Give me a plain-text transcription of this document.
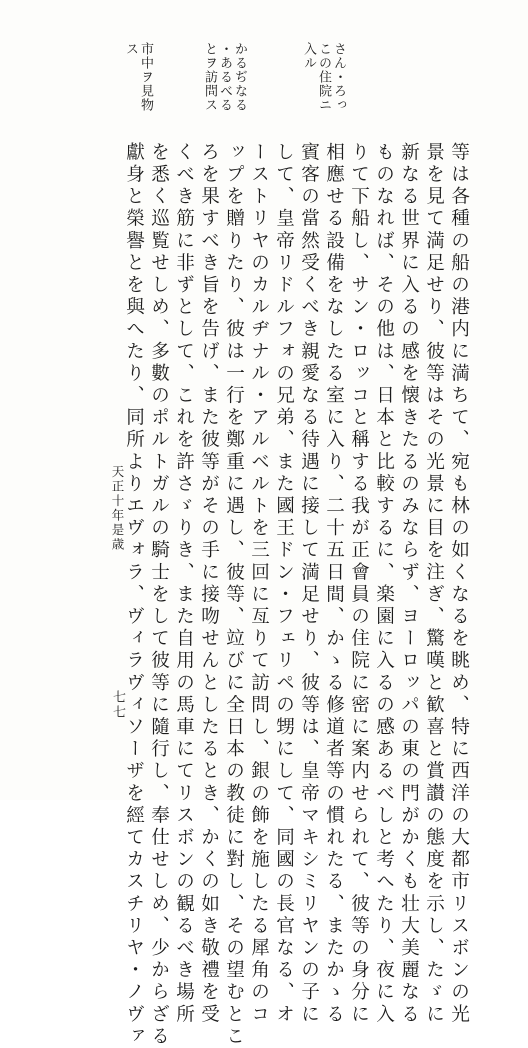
さん・ろっ
この住院ニ
入ル
かるぢなる
・あるべる
とヲ訪問ス
市中ヲ見物
ス
等は各種の船の港内に満ちて、宛も林の如くなるを眺め、特に西洋の大都市リスボンの光
景を見て満足せり、彼等はその光景に目を注ぎ、驚嘆と歓喜と賞讃の態度を示し、たゞに
新なる世界に入るの感を懐きたるのみならず、ヨーロッパの東の門がかくも壮大美麗なる
ものなれば、その他は、日本と比較するに、楽園に入るの感あるべしと考へたり、夜に入
りて下船し、サン・ロッコと稱する我が正會員の住院に密に案内せられて、彼等の身分に
相應せる設備をなしたる室に入り、二十五日間、かゝる修道者等の慣れたる、またかゝる
賓客の當然受くべき親愛なる待遇に接して満足せり、彼等は、皇帝マキシミリヤンの子に
して、皇帝リドルフォの兄弟、また國王ドン・フェリペの甥にして、同國の長官なる、オ
ーストリヤのカルヂナル・アルベルトを三回に亙りて訪問し、銀の飾を施したる犀角のコ
ップを贈りたり、彼は一行を鄭重に遇し、彼等、竝びに全日本の教徒に對し、その望むとこ
ろを果すべき旨を告げ、また彼等がその手に接吻せんとしたるとき、かくの如き敬禮を受
くべき筋に非ずとして、これを許さゞりき、また自用の馬車にてリスボンの観るべき場所
を悉く巡覧せしめ、多數のポルトガルの騎士をして彼等に隨行し、奉仕せしめ、少からざる
獻身と榮譽とを與へたり、同所よりエヴォラ、ヴィラヴィソーザを經てカスチリヤ・ノヴァ
天正十年是歳
七七
